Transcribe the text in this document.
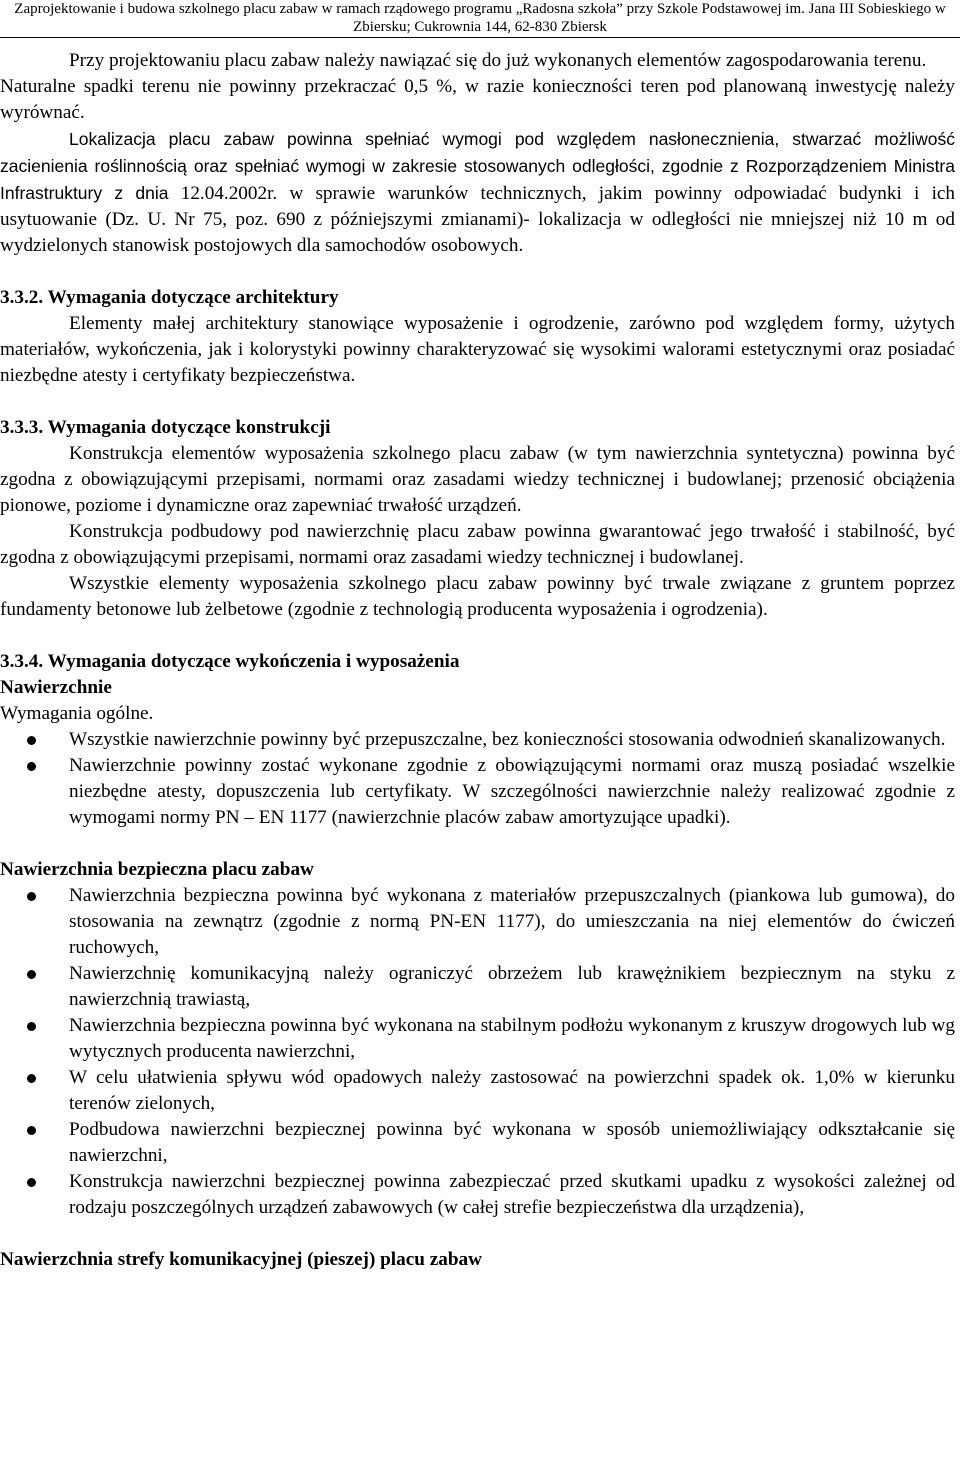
Zaprojektowanie i budowa szkolnego placu zabaw w ramach rządowego programu „Radosna szkoła” przy Szkole Podstawowej im. Jana III Sobieskiego w
Zbiersku; Cukrownia 144, 62-830 Zbiersk

Przy projektowaniu placu zabaw należy nawiązać się do już wykonanych elementów zagospodarowania terenu.

Naturalne spadki terenu nie powinny przekraczać 0,5 %, w razie konieczności teren pod planowaną inwestycję należy wyrównać.

Lokalizacja placu zabaw powinna spełniać wymogi pod względem nasłonecznienia, stwarzać możliwość zacienienia roślinnością oraz spełniać wymogi w zakresie stosowanych odległości, zgodnie z Rozporządzeniem Ministra Infrastruktury z dnia 12.04.2002r. w sprawie warunków technicznych, jakim powinny odpowiadać budynki i ich usytuowanie (Dz. U. Nr 75, poz. 690 z późniejszymi zmianami)- lokalizacja w odległości nie mniejszej niż 10 m od wydzielonych stanowisk postojowych dla samochodów osobowych.

3.3.2. Wymagania dotyczące architektury

Elementy małej architektury stanowiące wyposażenie i ogrodzenie, zarówno pod względem formy, użytych materiałów, wykończenia, jak i kolorystyki powinny charakteryzować się wysokimi walorami estetycznymi oraz posiadać niezbędne atesty i certyfikaty bezpieczeństwa.

3.3.3. Wymagania dotyczące konstrukcji

Konstrukcja elementów wyposażenia szkolnego placu zabaw (w tym nawierzchnia syntetyczna) powinna być zgodna z obowiązującymi przepisami, normami oraz zasadami wiedzy technicznej i budowlanej; przenosić obciążenia pionowe, poziome i dynamiczne oraz zapewniać trwałość urządzeń.

Konstrukcja podbudowy pod nawierzchnię placu zabaw powinna gwarantować jego trwałość i stabilność, być zgodna z obowiązującymi przepisami, normami oraz zasadami wiedzy technicznej i budowlanej.

Wszystkie elementy wyposażenia szkolnego placu zabaw powinny być trwale związane z gruntem poprzez fundamenty betonowe lub żelbetowe (zgodnie z technologią producenta wyposażenia i ogrodzenia).

3.3.4. Wymagania dotyczące wykończenia i wyposażenia

Nawierzchnie

Wymagania ogólne.

Wszystkie nawierzchnie powinny być przepuszczalne, bez konieczności stosowania odwodnień skanalizowanych.
Nawierzchnie powinny zostać wykonane zgodnie z obowiązującymi normami oraz muszą posiadać wszelkie niezbędne atesty, dopuszczenia lub certyfikaty. W szczególności nawierzchnie należy realizować zgodnie z wymogami normy PN – EN 1177 (nawierzchnie placów zabaw amortyzujące upadki).

Nawierzchnia bezpieczna placu zabaw

Nawierzchnia bezpieczna powinna być wykonana z materiałów przepuszczalnych (piankowa lub gumowa), do stosowania na zewnątrz (zgodnie z normą PN-EN 1177), do umieszczania na niej elementów do ćwiczeń ruchowych,
Nawierzchnię komunikacyjną należy ograniczyć obrzeżem lub krawężnikiem bezpiecznym na styku z nawierzchnią trawiastą,
Nawierzchnia bezpieczna powinna być wykonana na stabilnym podłożu wykonanym z kruszyw drogowych lub wg wytycznych producenta nawierzchni,
W celu ułatwienia spływu wód opadowych należy zastosować na powierzchni spadek ok. 1,0% w kierunku terenów zielonych,
Podbudowa nawierzchni bezpiecznej powinna być wykonana w sposób uniemożliwiający odkształcanie się nawierzchni,
Konstrukcja nawierzchni bezpiecznej powinna zabezpieczać przed skutkami upadku z wysokości zależnej od rodzaju poszczególnych urządzeń zabawowych (w całej strefie bezpieczeństwa dla urządzenia),

Nawierzchnia strefy komunikacyjnej (pieszej) placu zabaw
